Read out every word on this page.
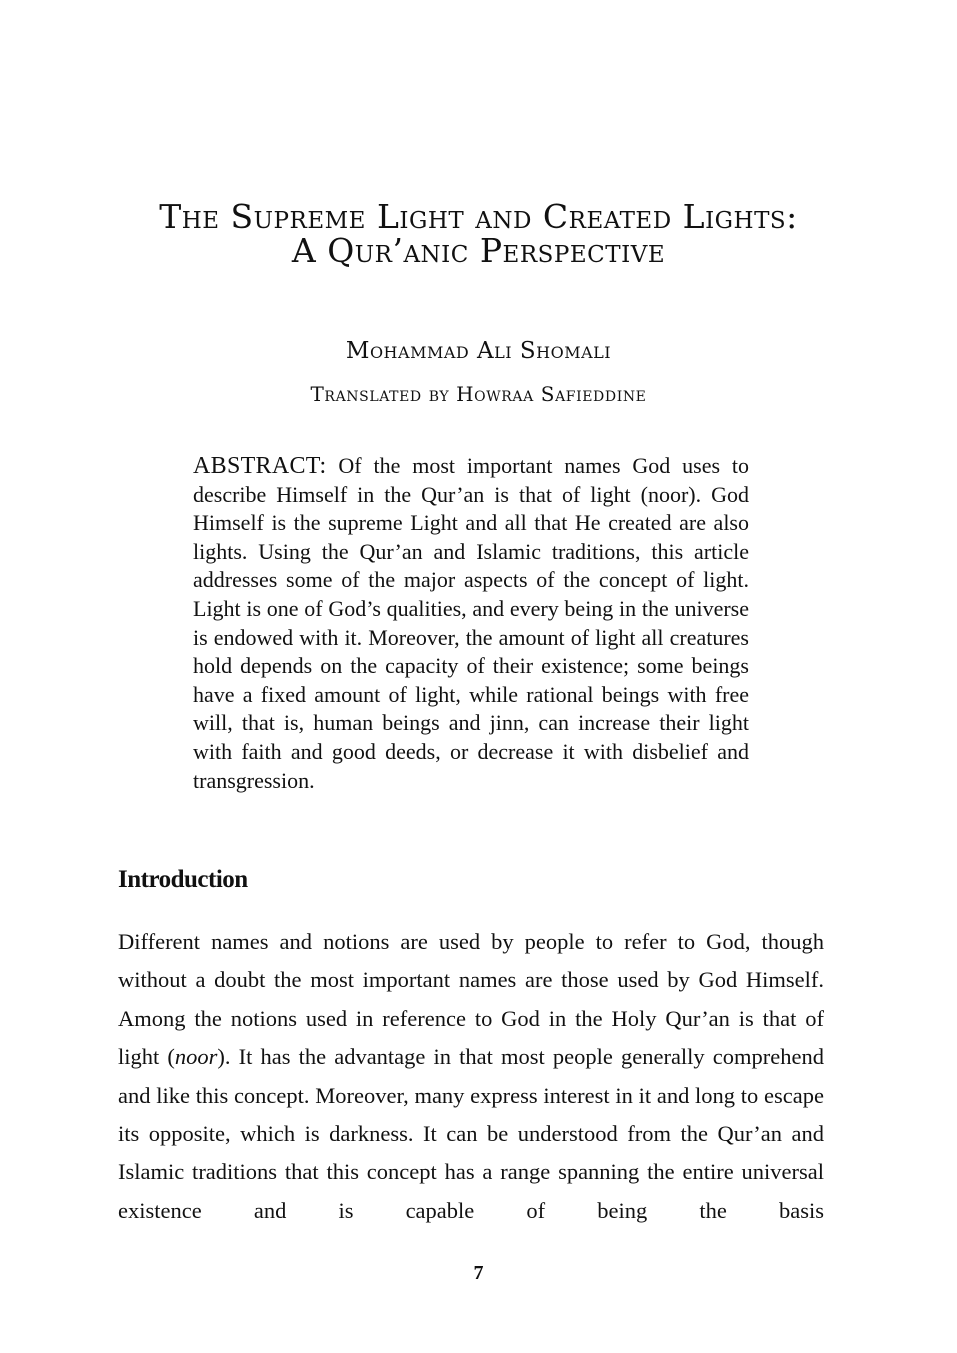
The Supreme Light and Created Lights:
A Qur’anic Perspective

Mohammad Ali Shomali

Translated by Howraa Safieddine

ABSTRACT: Of the most important names God uses to describe Himself in the Qur’an is that of light (noor). God Himself is the supreme Light and all that He created are also lights. Using the Qur’an and Islamic traditions, this article addresses some of the major aspects of the concept of light. Light is one of God’s qualities, and every being in the universe is endowed with it. Moreover, the amount of light all creatures hold depends on the capacity of their existence; some beings have a fixed amount of light, while rational beings with free will, that is, human beings and jinn, can increase their light with faith and good deeds, or decrease it with disbelief and transgression.

Introduction

Different names and notions are used by people to refer to God, though without a doubt the most important names are those used by God Himself. Among the notions used in reference to God in the Holy Qur’an is that of light (noor). It has the advantage in that most people generally comprehend and like this concept. Moreover, many express interest in it and long to escape its opposite, which is darkness. It can be understood from the Qur’an and Islamic traditions that this concept has a range spanning the entire universal existence and is capable of being the basis

7
